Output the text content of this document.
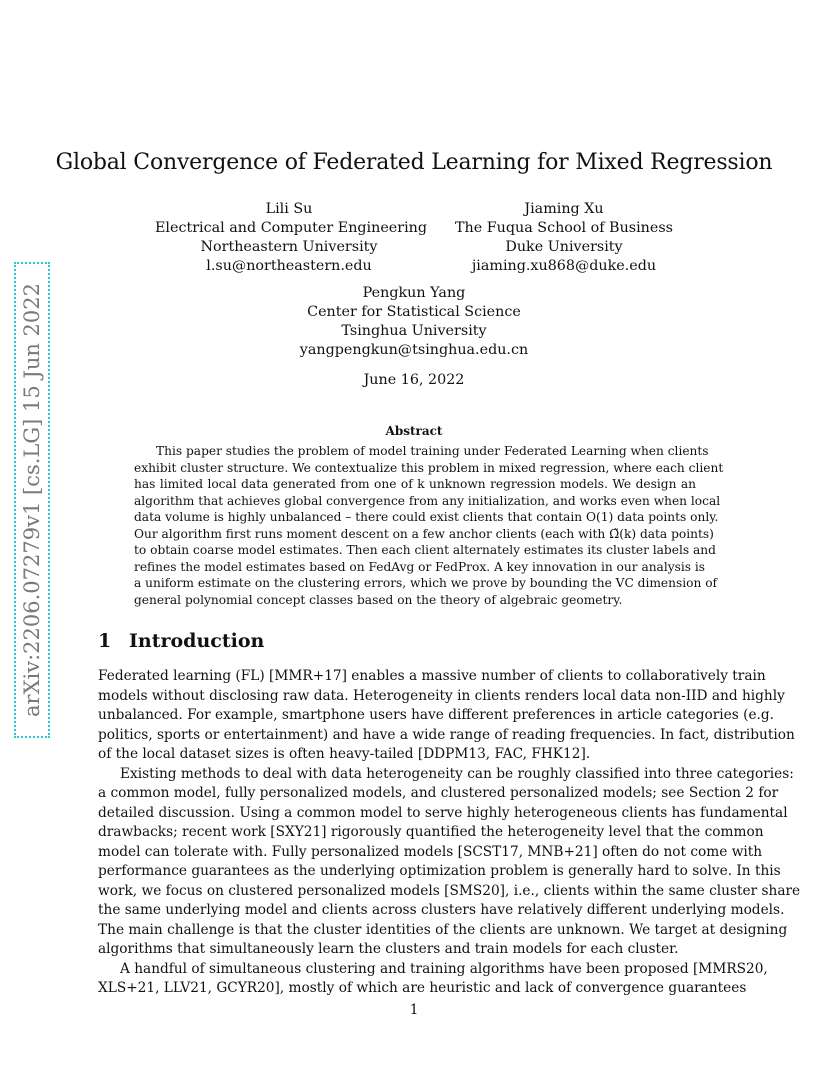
arXiv:2206.07279v1 [cs.LG] 15 Jun 2022
Global Convergence of Federated Learning for Mixed Regression
Lili Su
Electrical and Computer Engineering
Northeastern University
l.su@northeastern.edu
Jiaming Xu
The Fuqua School of Business
Duke University
jiaming.xu868@duke.edu
Pengkun Yang
Center for Statistical Science
Tsinghua University
yangpengkun@tsinghua.edu.cn
June 16, 2022
Abstract
This paper studies the problem of model training under Federated Learning when clients
exhibit cluster structure. We contextualize this problem in mixed regression, where each client
has limited local data generated from one of k unknown regression models. We design an
algorithm that achieves global convergence from any initialization, and works even when local
data volume is highly unbalanced – there could exist clients that contain O(1) data points only.
Our algorithm first runs moment descent on a few anchor clients (each with Ω̃(k) data points)
to obtain coarse model estimates. Then each client alternately estimates its cluster labels and
refines the model estimates based on FedAvg or FedProx. A key innovation in our analysis is
a uniform estimate on the clustering errors, which we prove by bounding the VC dimension of
general polynomial concept classes based on the theory of algebraic geometry.
1 Introduction
Federated learning (FL) [MMR+17] enables a massive number of clients to collaboratively train
models without disclosing raw data. Heterogeneity in clients renders local data non-IID and highly
unbalanced. For example, smartphone users have different preferences in article categories (e.g.
politics, sports or entertainment) and have a wide range of reading frequencies. In fact, distribution
of the local dataset sizes is often heavy-tailed [DDPM13, FAC, FHK12].
Existing methods to deal with data heterogeneity can be roughly classified into three categories:
a common model, fully personalized models, and clustered personalized models; see Section 2 for
detailed discussion. Using a common model to serve highly heterogeneous clients has fundamental
drawbacks; recent work [SXY21] rigorously quantified the heterogeneity level that the common
model can tolerate with. Fully personalized models [SCST17, MNB+21] often do not come with
performance guarantees as the underlying optimization problem is generally hard to solve. In this
work, we focus on clustered personalized models [SMS20], i.e., clients within the same cluster share
the same underlying model and clients across clusters have relatively different underlying models.
The main challenge is that the cluster identities of the clients are unknown. We target at designing
algorithms that simultaneously learn the clusters and train models for each cluster.
A handful of simultaneous clustering and training algorithms have been proposed [MMRS20,
XLS+21, LLV21, GCYR20], mostly of which are heuristic and lack of convergence guarantees
1
